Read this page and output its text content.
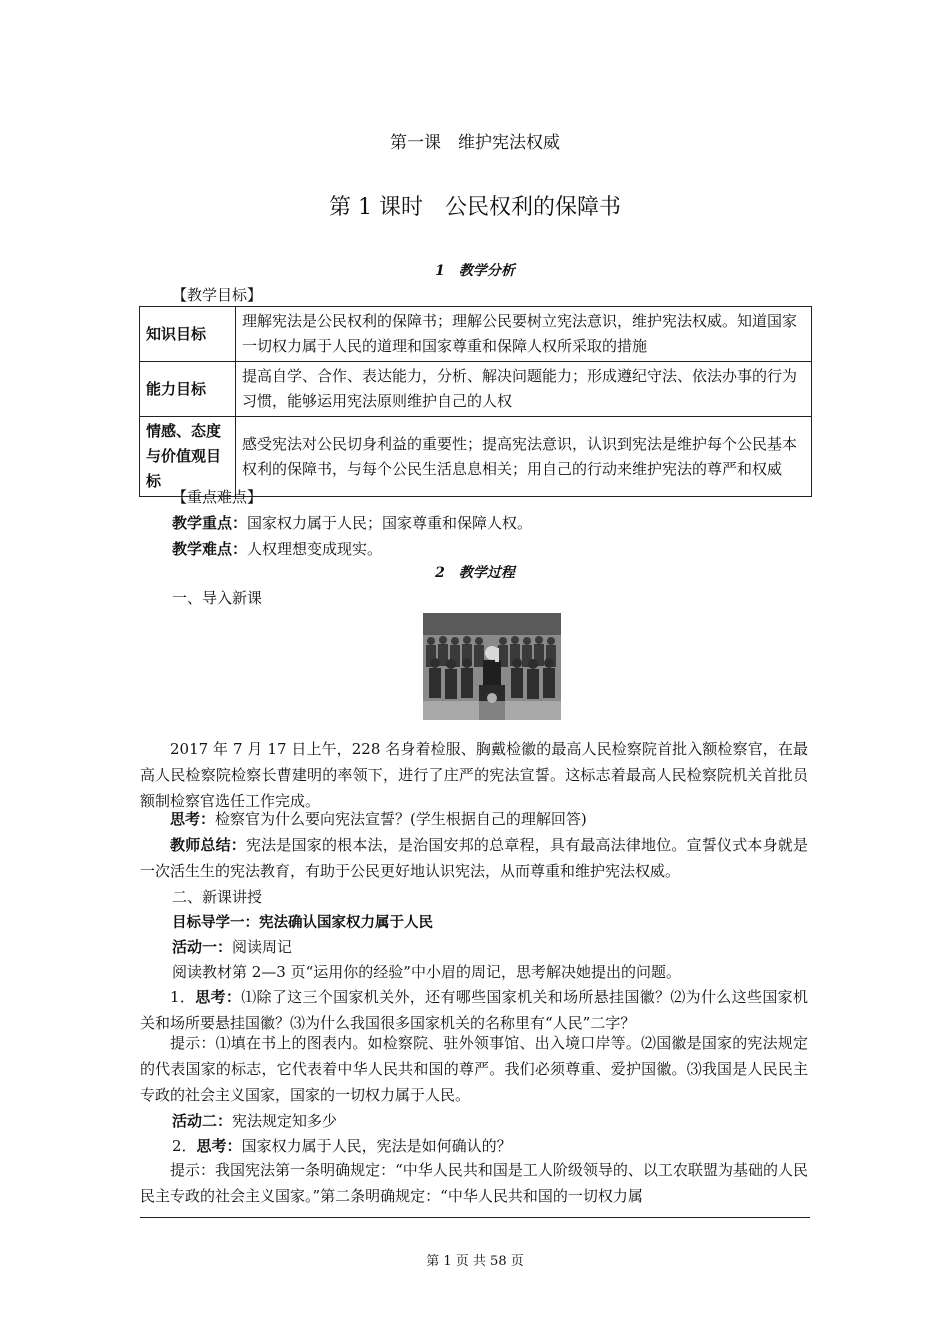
第一课　维护宪法权威
第 1 课时　公民权利的保障书
1　教学分析
【教学目标】
知识目标	理解宪法是公民权利的保障书；理解公民要树立宪法意识，维护宪法权威。知道国家一切权力属于人民的道理和国家尊重和保障人权所采取的措施
能力目标	提高自学、合作、表达能力，分析、解决问题能力；形成遵纪守法、依法办事的行为习惯，能够运用宪法原则维护自己的人权
情感、态度与价值观目标	感受宪法对公民切身利益的重要性；提高宪法意识，认识到宪法是维护每个公民基本权利的保障书，与每个公民生活息息相关；用自己的行动来维护宪法的尊严和权威
【重点难点】
教学重点：国家权力属于人民；国家尊重和保障人权。
教学难点：人权理想变成现实。
2　教学过程
一、导入新课
2017 年 7 月 17 日上午，228 名身着检服、胸戴检徽的最高人民检察院首批入额检察官，在最高人民检察院检察长曹建明的率领下，进行了庄严的宪法宣誓。这标志着最高人民检察院机关首批员额制检察官选任工作完成。
思考：检察官为什么要向宪法宣誓？(学生根据自己的理解回答)
教师总结：宪法是国家的根本法，是治国安邦的总章程，具有最高法律地位。宣誓仪式本身就是一次活生生的宪法教育，有助于公民更好地认识宪法，从而尊重和维护宪法权威。
二、新课讲授
目标导学一：宪法确认国家权力属于人民
活动一：阅读周记
阅读教材第 2—3 页“运用你的经验”中小眉的周记，思考解决她提出的问题。
1．思考：⑴除了这三个国家机关外，还有哪些国家机关和场所悬挂国徽？⑵为什么这些国家机关和场所要悬挂国徽？⑶为什么我国很多国家机关的名称里有“人民”二字？
提示：⑴填在书上的图表内。如检察院、驻外领事馆、出入境口岸等。⑵国徽是国家的宪法规定的代表国家的标志，它代表着中华人民共和国的尊严。我们必须尊重、爱护国徽。⑶我国是人民民主专政的社会主义国家，国家的一切权力属于人民。
活动二：宪法规定知多少
2．思考：国家权力属于人民，宪法是如何确认的？
提示：我国宪法第一条明确规定：“中华人民共和国是工人阶级领导的、以工农联盟为基础的人民民主专政的社会主义国家。”第二条明确规定：“中华人民共和国的一切权力属
第 1 页 共 58 页
